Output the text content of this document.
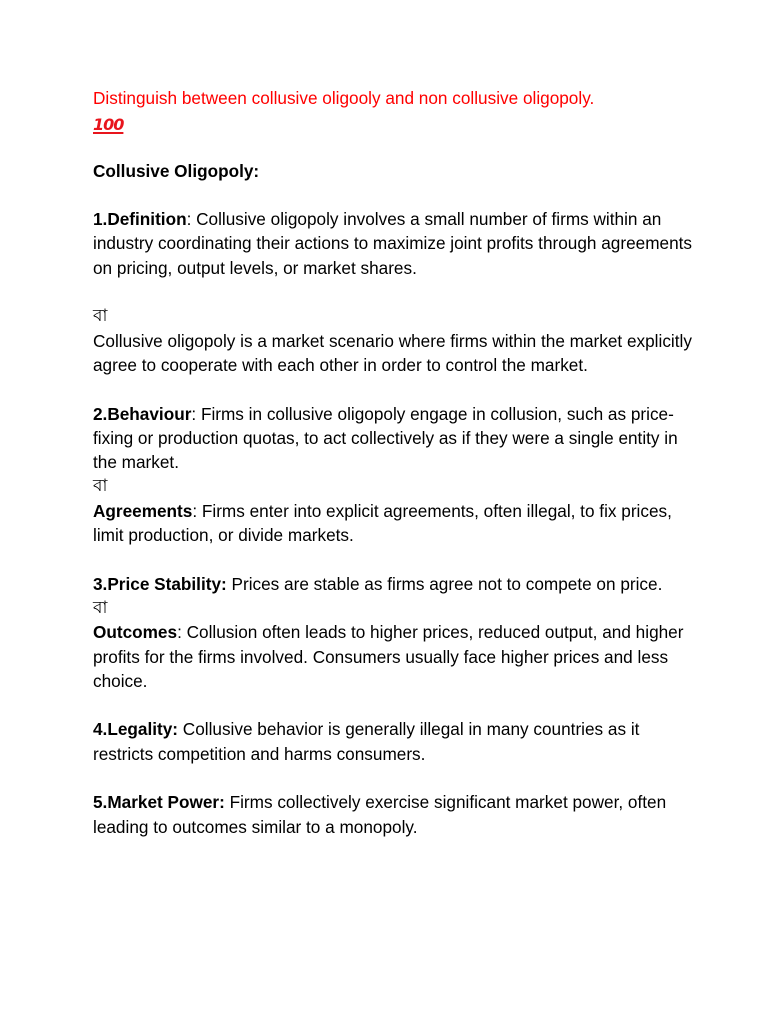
Distinguish between collusive oligooly and non collusive oligopoly.
100

Collusive Oligopoly:

1.Definition: Collusive oligopoly involves a small number of firms within an industry coordinating their actions to maximize joint profits through agreements on pricing, output levels, or market shares.

বা

Collusive oligopoly is a market scenario where firms within the market explicitly agree to cooperate with each other in order to control the market.

2.Behaviour: Firms in collusive oligopoly engage in collusion, such as price-fixing or production quotas, to act collectively as if they were a single entity in the market.

বা

Agreements: Firms enter into explicit agreements, often illegal, to fix prices, limit production, or divide markets.

3.Price Stability: Prices are stable as firms agree not to compete on price.

বা

Outcomes: Collusion often leads to higher prices, reduced output, and higher profits for the firms involved. Consumers usually face higher prices and less choice.

4.Legality: Collusive behavior is generally illegal in many countries as it restricts competition and harms consumers.

5.Market Power: Firms collectively exercise significant market power, often leading to outcomes similar to a monopoly.
